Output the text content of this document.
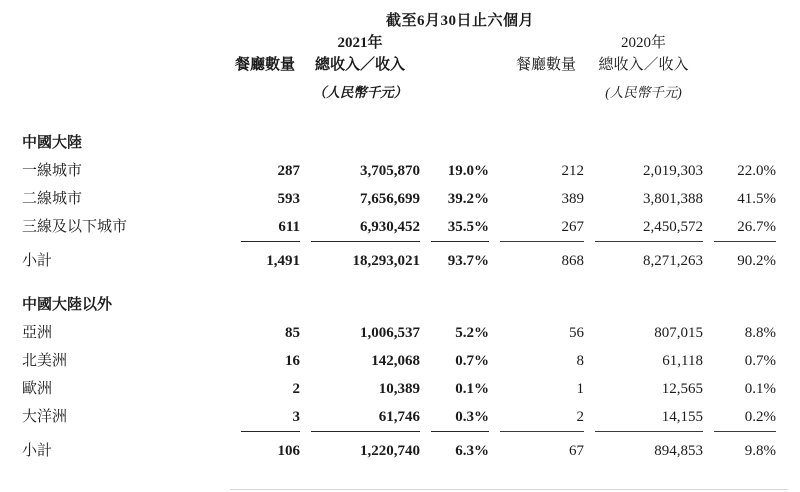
截至6月30日止六個月
		2021年			2020年	
	餐廳數量	總收入／收入		餐廳數量	總收入／收入	
		（人民幣千元）			(人民幣千元)	

中國大陸						
一線城市	287	3,705,870	19.0%	212	2,019,303	22.0%
二線城市	593	7,656,699	39.2%	389	3,801,388	41.5%
三線及以下城市	611	6,930,452	35.5%	267	2,450,572	26.7%

小計	1,491	18,293,021	93.7%	868	8,271,263	90.2%

中國大陸以外						
亞洲	85	1,006,537	5.2%	56	807,015	8.8%
北美洲	16	142,068	0.7%	8	61,118	0.7%
歐洲	2	10,389	0.1%	1	12,565	0.1%
大洋洲	3	61,746	0.3%	2	14,155	0.2%

小計	106	1,220,740	6.3%	67	894,853	9.8%
